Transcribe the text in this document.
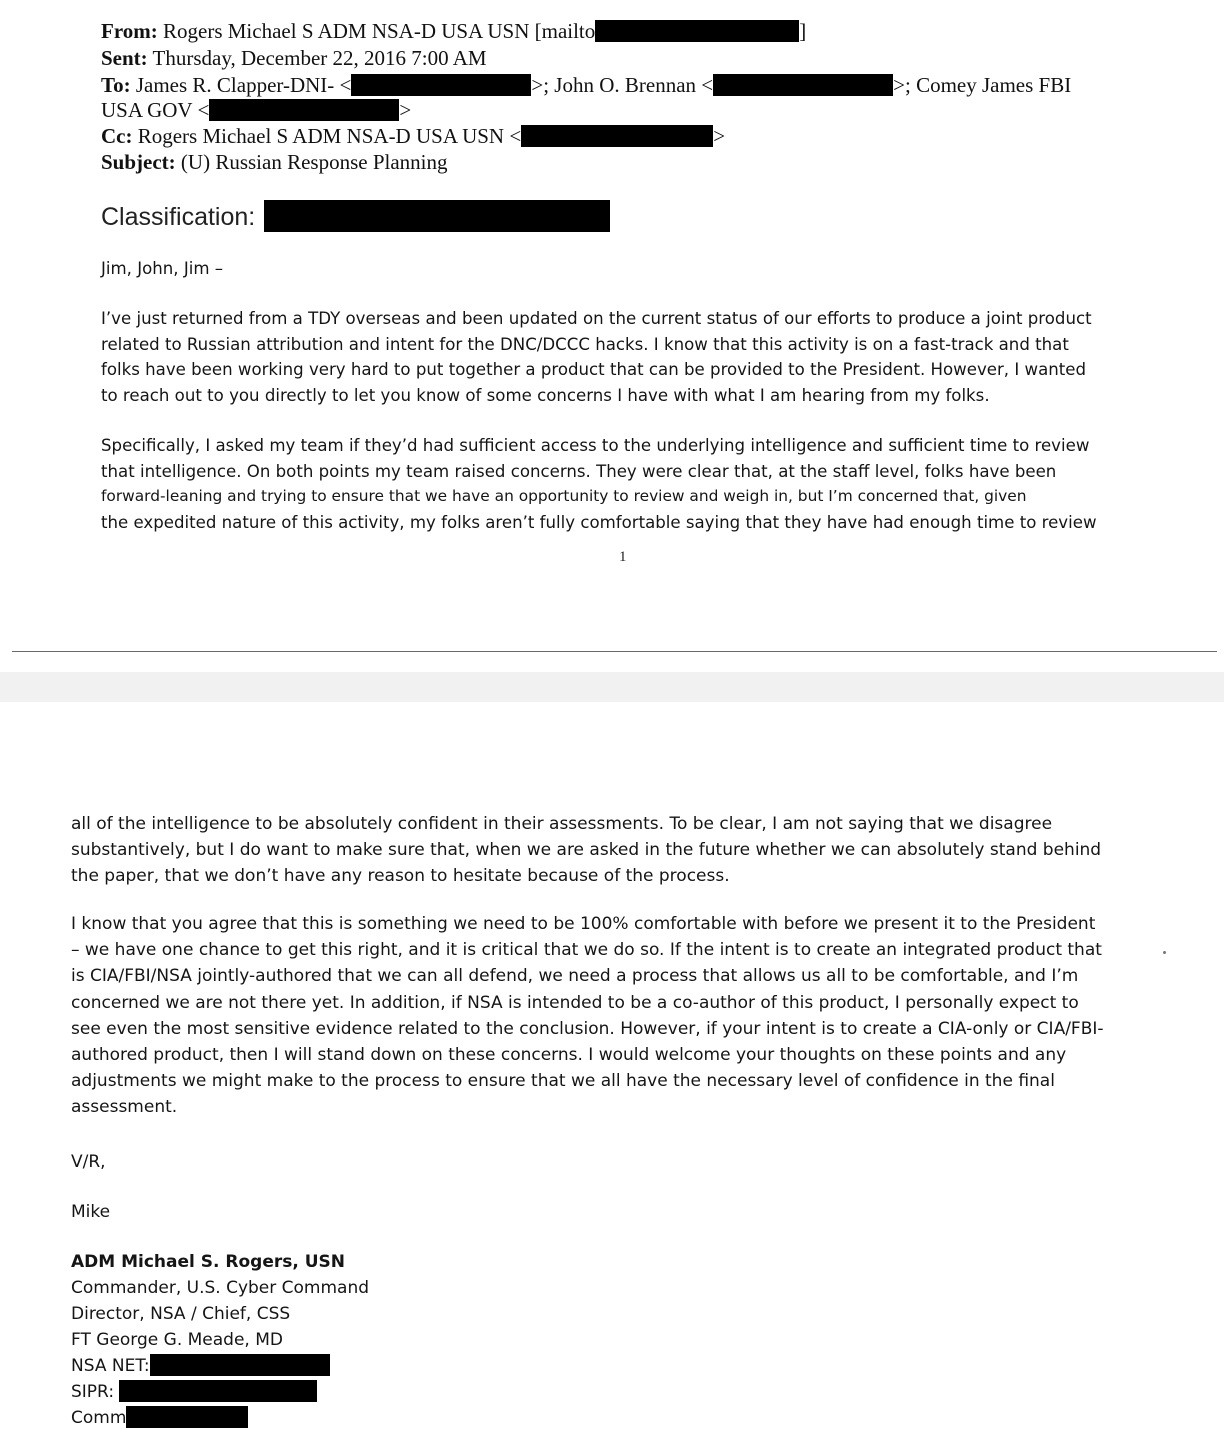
From: Rogers Michael S ADM NSA-D USA USN [mailto	]
Sent: Thursday, December 22, 2016 7:00 AM
To: James R. Clapper-DNI- <	>; John O. Brennan <	>; Comey James FBI
USA GOV <	>
Cc: Rogers Michael S ADM NSA-D USA USN <	>
Subject: (U) Russian Response Planning
Classification:
Jim, John, Jim –
I’ve just returned from a TDY overseas and been updated on the current status of our efforts to produce a joint product
related to Russian attribution and intent for the DNC/DCCC hacks. I know that this activity is on a fast-track and that
folks have been working very hard to put together a product that can be provided to the President. However, I wanted
to reach out to you directly to let you know of some concerns I have with what I am hearing from my folks.
Specifically, I asked my team if they’d had sufficient access to the underlying intelligence and sufficient time to review
that intelligence. On both points my team raised concerns. They were clear that, at the staff level, folks have been
forward-leaning and trying to ensure that we have an opportunity to review and weigh in, but I’m concerned that, given
the expedited nature of this activity, my folks aren’t fully comfortable saying that they have had enough time to review
1
all of the intelligence to be absolutely confident in their assessments. To be clear, I am not saying that we disagree
substantively, but I do want to make sure that, when we are asked in the future whether we can absolutely stand behind
the paper, that we don’t have any reason to hesitate because of the process.
I know that you agree that this is something we need to be 100% comfortable with before we present it to the President
– we have one chance to get this right, and it is critical that we do so. If the intent is to create an integrated product that
is CIA/FBI/NSA jointly-authored that we can all defend, we need a process that allows us all to be comfortable, and I’m
concerned we are not there yet. In addition, if NSA is intended to be a co-author of this product, I personally expect to
see even the most sensitive evidence related to the conclusion. However, if your intent is to create a CIA-only or CIA/FBI-
authored product, then I will stand down on these concerns. I would welcome your thoughts on these points and any
adjustments we might make to the process to ensure that we all have the necessary level of confidence in the final
assessment.
V/R,
Mike
ADM Michael S. Rogers, USN
Commander, U.S. Cyber Command
Director, NSA / Chief, CSS
FT George G. Meade, MD
NSA NET:
SIPR:
Comm
